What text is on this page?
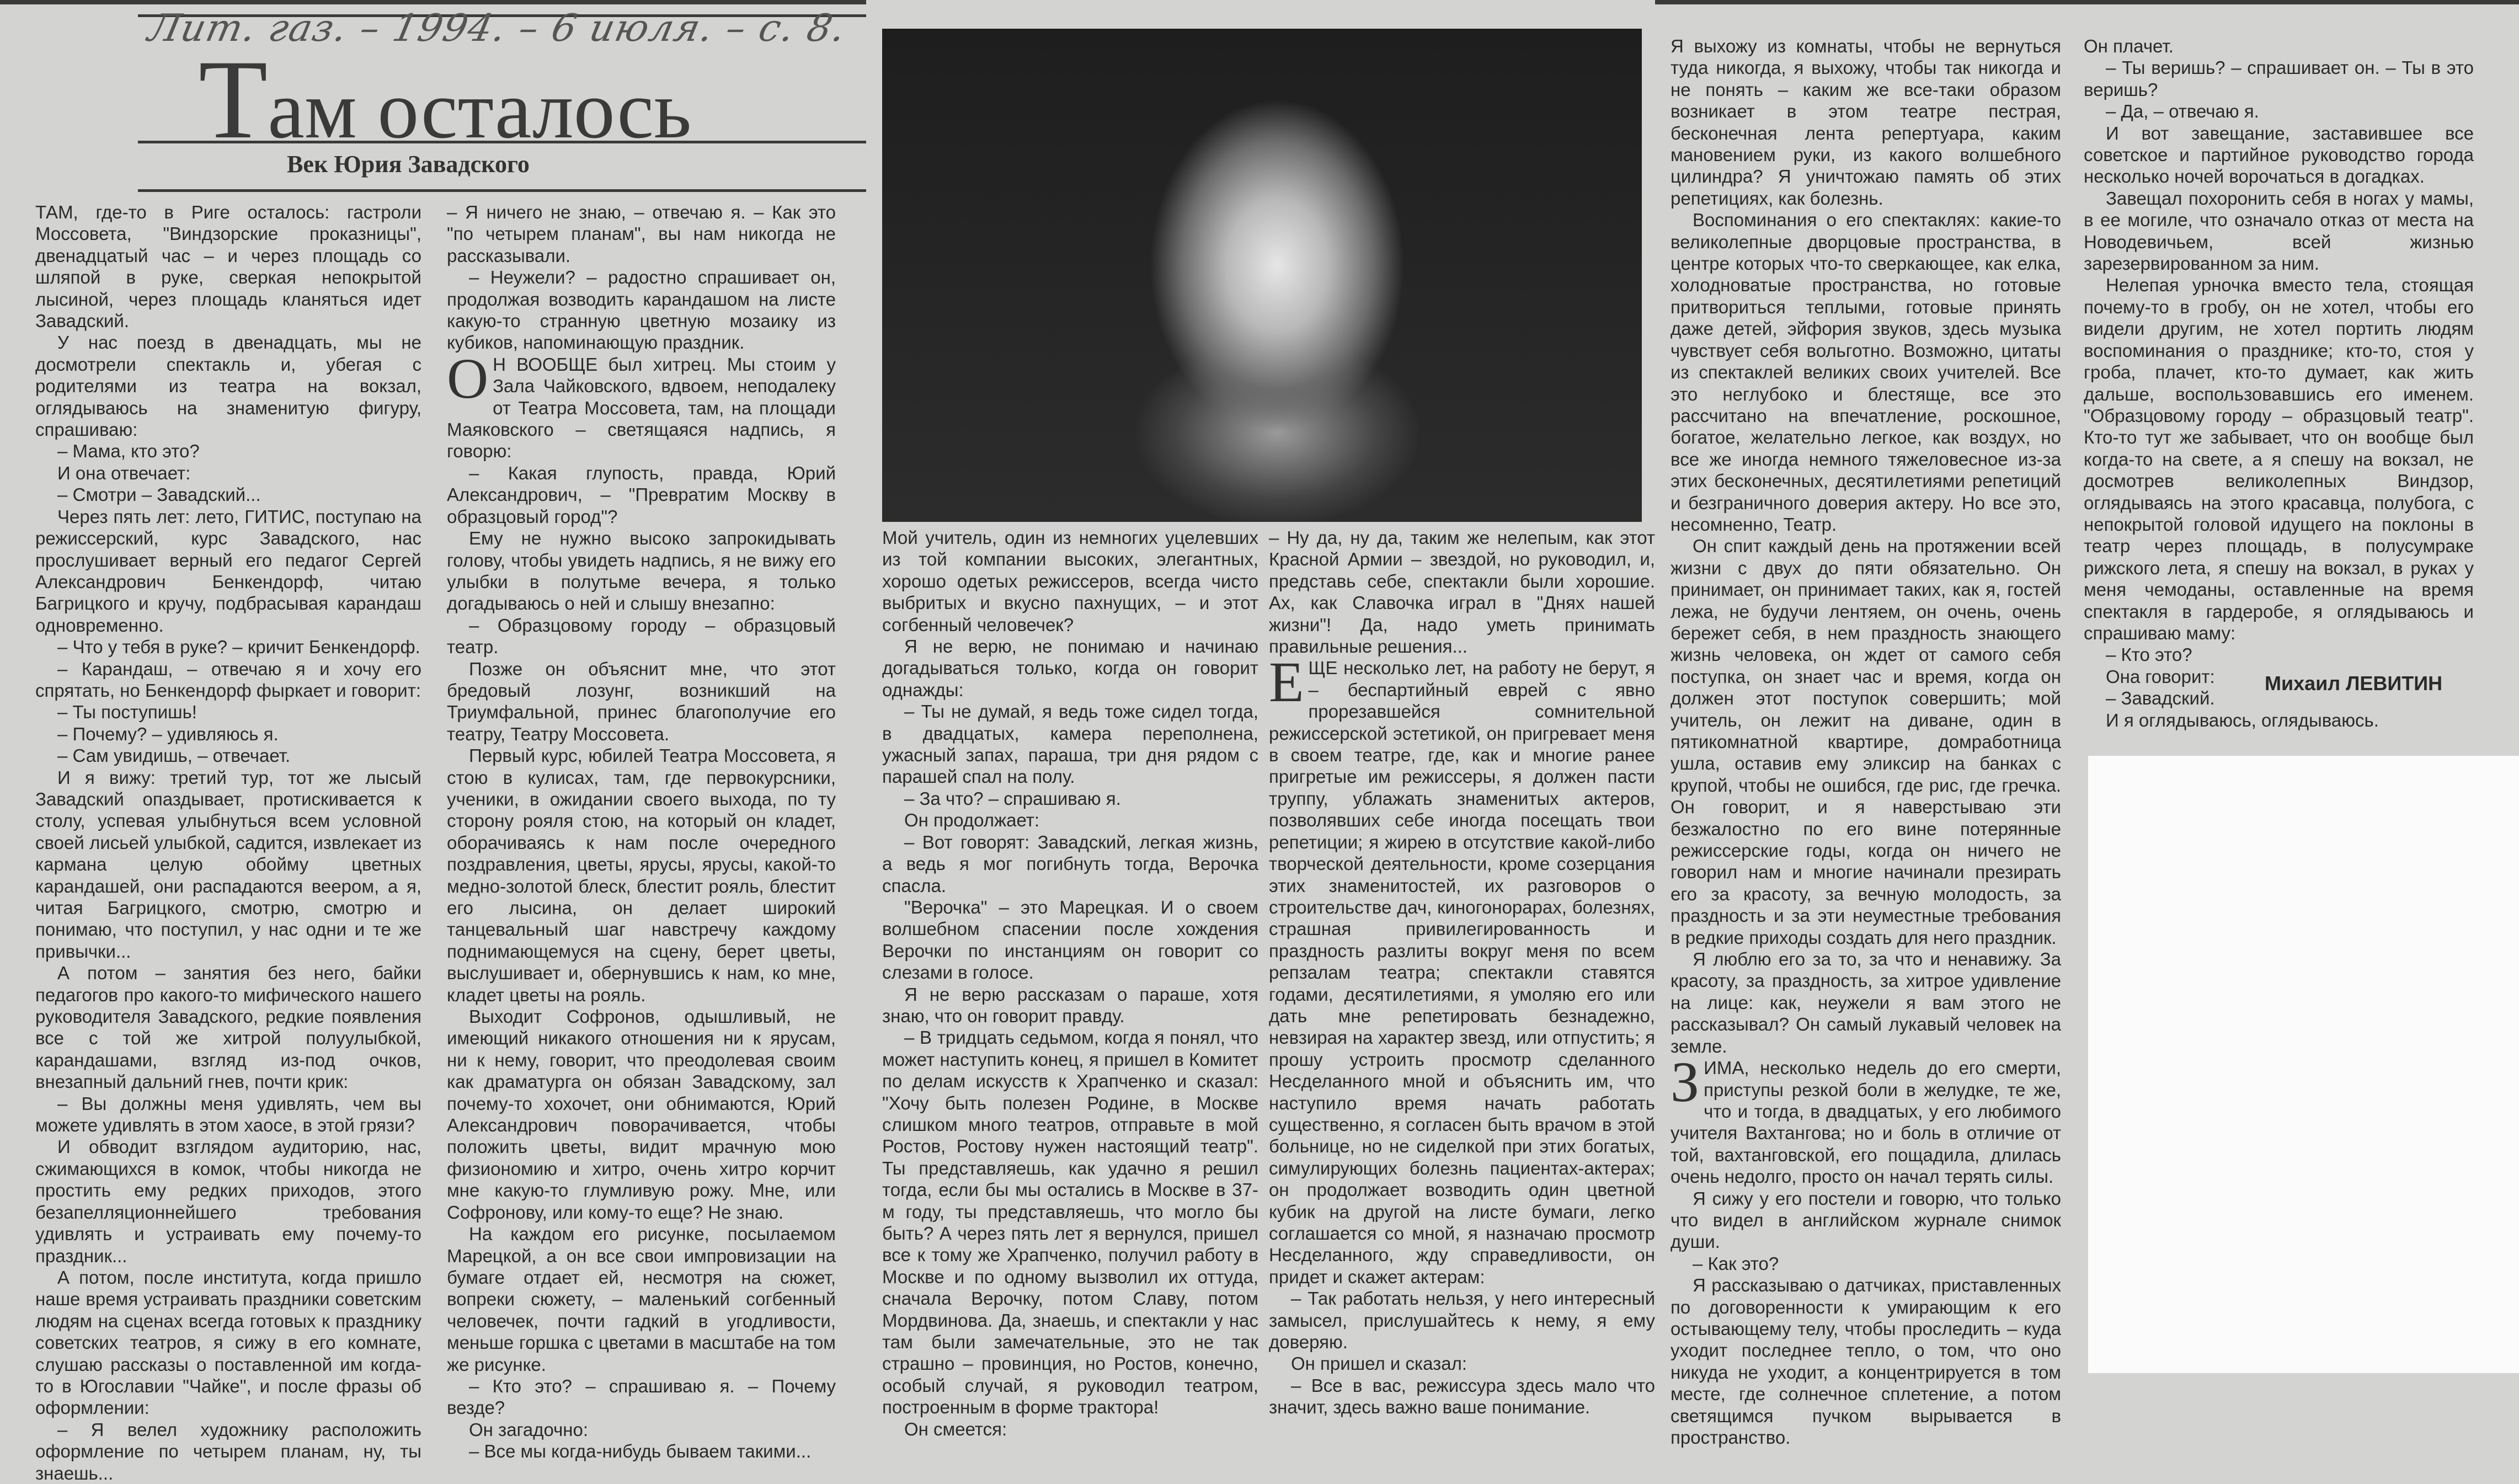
Лит. газ. – 1994. – 6 июля. – с. 8.
Там осталось
Век Юрия Завадского

ТАМ, где-то в Риге осталось: гастроли Моссовета, "Виндзорские проказницы", двенадцатый час – и через площадь со шляпой в руке, сверкая непокрытой лысиной, через площадь кланяться идет Завадский.

У нас поезд в двенадцать, мы не досмотрели спектакль и, убегая с родителями из театра на вокзал, оглядываюсь на знаменитую фигуру, спрашиваю:

– Мама, кто это?

И она отвечает:

– Смотри – Завадский...

Через пять лет: лето, ГИТИС, поступаю на режиссерский, курс Завадского, нас прослушивает верный его педагог Сергей Александрович Бенкендорф, читаю Багрицкого и кручу, подбрасывая карандаш одновременно.

– Что у тебя в руке? – кричит Бенкендорф.

– Карандаш, – отвечаю я и хочу его спрятать, но Бенкендорф фыркает и говорит:

– Ты поступишь!

– Почему? – удивляюсь я.

– Сам увидишь, – отвечает.

И я вижу: третий тур, тот же лысый Завадский опаздывает, протискивается к столу, успевая улыбнуться всем условной своей лисьей улыбкой, садится, извлекает из кармана целую обойму цветных карандашей, они распадаются веером, а я, читая Багрицкого, смотрю, смотрю и понимаю, что поступил, у нас одни и те же привычки...

А потом – занятия без него, байки педагогов про какого-то мифического нашего руководителя Завадского, редкие появления все с той же хитрой полуулыбкой, карандашами, взгляд из-под очков, внезапный дальний гнев, почти крик:

– Вы должны меня удивлять, чем вы можете удивлять в этом хаосе, в этой грязи?

И обводит взглядом аудиторию, нас, сжимающихся в комок, чтобы никогда не простить ему редких приходов, этого безапелляционнейшего требования удивлять и устраивать ему почему-то праздник...

А потом, после института, когда пришло наше время устраивать праздники советским людям на сценах всегда готовых к празднику советских театров, я сижу в его комнате, слушаю рассказы о поставленной им когда-то в Югославии "Чайке", и после фразы об оформлении:

– Я велел художнику расположить оформление по четырем планам, ну, ты знаешь...

– Я ничего не знаю, – отвечаю я. – Как это "по четырем планам", вы нам никогда не рассказывали.

– Неужели? – радостно спрашивает он, продолжая возводить карандашом на листе какую-то странную цветную мозаику из кубиков, напоминающую праздник.

О Н ВООБЩЕ был хитрец. Мы стоим у Зала Чайковского, вдвоем, неподалеку от Театра Моссовета, там, на площади Маяковского – светящаяся надпись, я говорю:

– Какая глупость, правда, Юрий Александрович, – "Превратим Москву в образцовый город"?

Ему не нужно высоко запрокидывать голову, чтобы увидеть надпись, я не вижу его улыбки в полутьме вечера, я только догадываюсь о ней и слышу внезапно:

– Образцовому городу – образцовый театр.

Позже он объяснит мне, что этот бредовый лозунг, возникший на Триумфальной, принес благополучие его театру, Театру Моссовета.

Первый курс, юбилей Театра Моссовета, я стою в кулисах, там, где первокурсники, ученики, в ожидании своего выхода, по ту сторону рояля стою, на который он кладет, оборачиваясь к нам после очередного поздравления, цветы, ярусы, ярусы, какой-то медно-золотой блеск, блестит рояль, блестит его лысина, он делает широкий танцевальный шаг навстречу каждому поднимающемуся на сцену, берет цветы, выслушивает и, обернувшись к нам, ко мне, кладет цветы на рояль.

Выходит Софронов, одышливый, не имеющий никакого отношения ни к ярусам, ни к нему, говорит, что преодолевая своим как драматурга он обязан Завадскому, зал почему-то хохочет, они обнимаются, Юрий Александрович поворачивается, чтобы положить цветы, видит мрачную мою физиономию и хитро, очень хитро корчит мне какую-то глумливую рожу. Мне, или Софронову, или кому-то еще? Не знаю.

На каждом его рисунке, посылаемом Марецкой, а он все свои импровизации на бумаге отдает ей, несмотря на сюжет, вопреки сюжету, – маленький согбенный человечек, почти гадкий в угодливости, меньше горшка с цветами в масштабе на том же рисунке.

– Кто это? – спрашиваю я. – Почему везде?

Он загадочно:

– Все мы когда-нибудь бываем такими...

Мой учитель, один из немногих уцелевших из той компании высоких, элегантных, хорошо одетых режиссеров, всегда чисто выбритых и вкусно пахнущих, – и этот согбенный человечек?

Я не верю, не понимаю и начинаю догадываться только, когда он говорит однажды:

– Ты не думай, я ведь тоже сидел тогда, в двадцатых, камера переполнена, ужасный запах, параша, три дня рядом с парашей спал на полу.

– За что? – спрашиваю я.

Он продолжает:

– Вот говорят: Завадский, легкая жизнь, а ведь я мог погибнуть тогда, Верочка спасла.

"Верочка" – это Марецкая. И о своем волшебном спасении после хождения Верочки по инстанциям он говорит со слезами в голосе.

Я не верю рассказам о параше, хотя знаю, что он говорит правду.

– В тридцать седьмом, когда я понял, что может наступить конец, я пришел в Комитет по делам искусств к Храпченко и сказал: "Хочу быть полезен Родине, в Москве слишком много театров, отправьте в мой Ростов, Ростову нужен настоящий театр". Ты представляешь, как удачно я решил тогда, если бы мы остались в Москве в 37-м году, ты представляешь, что могло бы быть? А через пять лет я вернулся, пришел все к тому же Храпченко, получил работу в Москве и по одному вызволил их оттуда, сначала Верочку, потом Славу, потом Мордвинова. Да, знаешь, и спектакли у нас там были замечательные, это не так страшно – провинция, но Ростов, конечно, особый случай, я руководил театром, построенным в форме трактора!

Он смеется:

– Ну да, ну да, таким же нелепым, как этот Красной Армии – звездой, но руководил, и, представь себе, спектакли были хорошие. Ах, как Славочка играл в "Днях нашей жизни"! Да, надо уметь принимать правильные решения...

ЕЩЕ несколько лет, на работу не берут, я – беспартийный еврей с явно прорезавшейся сомнительной режиссерской эстетикой, он пригревает меня в своем театре, где, как и многие ранее пригретые им режиссеры, я должен пасти труппу, ублажать знаменитых актеров, позволявших себе иногда посещать твои репетиции; я жирею в отсутствие какой-либо творческой деятельности, кроме созерцания этих знаменитостей, их разговоров о строительстве дач, киногонорарах, болезнях, страшная привилегированность и праздность разлиты вокруг меня по всем репзалам театра; спектакли ставятся годами, десятилетиями, я умоляю его или дать мне репетировать безнадежно, невзирая на характер звезд, или отпустить; я прошу устроить просмотр сделанного Несделанного мной и объяснить им, что наступило время начать работать существенно, я согласен быть врачом в этой больнице, но не сиделкой при этих богатых, симулирующих болезнь пациентах-актерах; он продолжает возводить один цветной кубик на другой на листе бумаги, легко соглашается со мной, я назначаю просмотр Несделанного, жду справедливости, он придет и скажет актерам:

– Так работать нельзя, у него интересный замысел, прислушайтесь к нему, я ему доверяю.

Он пришел и сказал:

– Все в вас, режиссура здесь мало что значит, здесь важно ваше понимание.

Я выхожу из комнаты, чтобы не вернуться туда никогда, я выхожу, чтобы так никогда и не понять – каким же все-таки образом возникает в этом театре пестрая, бесконечная лента репертуара, каким мановением руки, из какого волшебного цилиндра? Я уничтожаю память об этих репетициях, как болезнь.

Воспоминания о его спектаклях: какие-то великолепные дворцовые пространства, в центре которых что-то сверкающее, как елка, холодноватые пространства, но готовые притвориться теплыми, готовые принять даже детей, эйфория звуков, здесь музыка чувствует себя вольготно. Возможно, цитаты из спектаклей великих своих учителей. Все это неглубоко и блестяще, все это рассчитано на впечатление, роскошное, богатое, желательно легкое, как воздух, но все же иногда немного тяжеловесное из-за этих бесконечных, десятилетиями репетиций и безграничного доверия актеру. Но все это, несомненно, Театр.

Он спит каждый день на протяжении всей жизни с двух до пяти обязательно. Он принимает, он принимает таких, как я, гостей лежа, не будучи лентяем, он очень, очень бережет себя, в нем праздность знающего жизнь человека, он ждет от самого себя поступка, он знает час и время, когда он должен этот поступок совершить; мой учитель, он лежит на диване, один в пятикомнатной квартире, домработница ушла, оставив ему эликсир на банках с крупой, чтобы не ошибся, где рис, где гречка. Он говорит, и я наверстываю эти безжалостно по его вине потерянные режиссерские годы, когда он ничего не говорил нам и многие начинали презирать его за красоту, за вечную молодость, за праздность и за эти неуместные требования в редкие приходы создать для него праздник.

Я люблю его за то, за что и ненавижу. За красоту, за праздность, за хитрое удивление на лице: как, неужели я вам этого не рассказывал? Он самый лукавый человек на земле.

ЗИМА, несколько недель до его смерти, приступы резкой боли в желудке, те же, что и тогда, в двадцатых, у его любимого учителя Вахтангова; но и боль в отличие от той, вахтанговской, его пощадила, длилась очень недолго, просто он начал терять силы.

Я сижу у его постели и говорю, что только что видел в английском журнале снимок души.

– Как это?

Я рассказываю о датчиках, приставленных по договоренности к умирающим к его остывающему телу, чтобы проследить – куда уходит последнее тепло, о том, что оно никуда не уходит, а концентрируется в том месте, где солнечное сплетение, а потом светящимся пучком вырывается в пространство.

Он плачет.

– Ты веришь? – спрашивает он. – Ты в это веришь?

– Да, – отвечаю я.

И вот завещание, заставившее все советское и партийное руководство города несколько ночей ворочаться в догадках.

Завещал похоронить себя в ногах у мамы, в ее могиле, что означало отказ от места на Новодевичьем, всей жизнью зарезервированном за ним.

Нелепая урночка вместо тела, стоящая почему-то в гробу, он не хотел, чтобы его видели другим, не хотел портить людям воспоминания о празднике; кто-то, стоя у гроба, плачет, кто-то думает, как жить дальше, воспользовавшись его именем. "Образцовому городу – образцовый театр". Кто-то тут же забывает, что он вообще был когда-то на свете, а я спешу на вокзал, не досмотрев великолепных Виндзор, оглядываясь на этого красавца, полубога, с непокрытой головой идущего на поклоны в театр через площадь, в полусумраке рижского лета, я спешу на вокзал, в руках у меня чемоданы, оставленные на время спектакля в гардеробе, я оглядываюсь и спрашиваю маму:

– Кто это?

Она говорит:

– Завадский.

И я оглядываюсь, оглядываюсь.

Михаил ЛЕВИТИН
